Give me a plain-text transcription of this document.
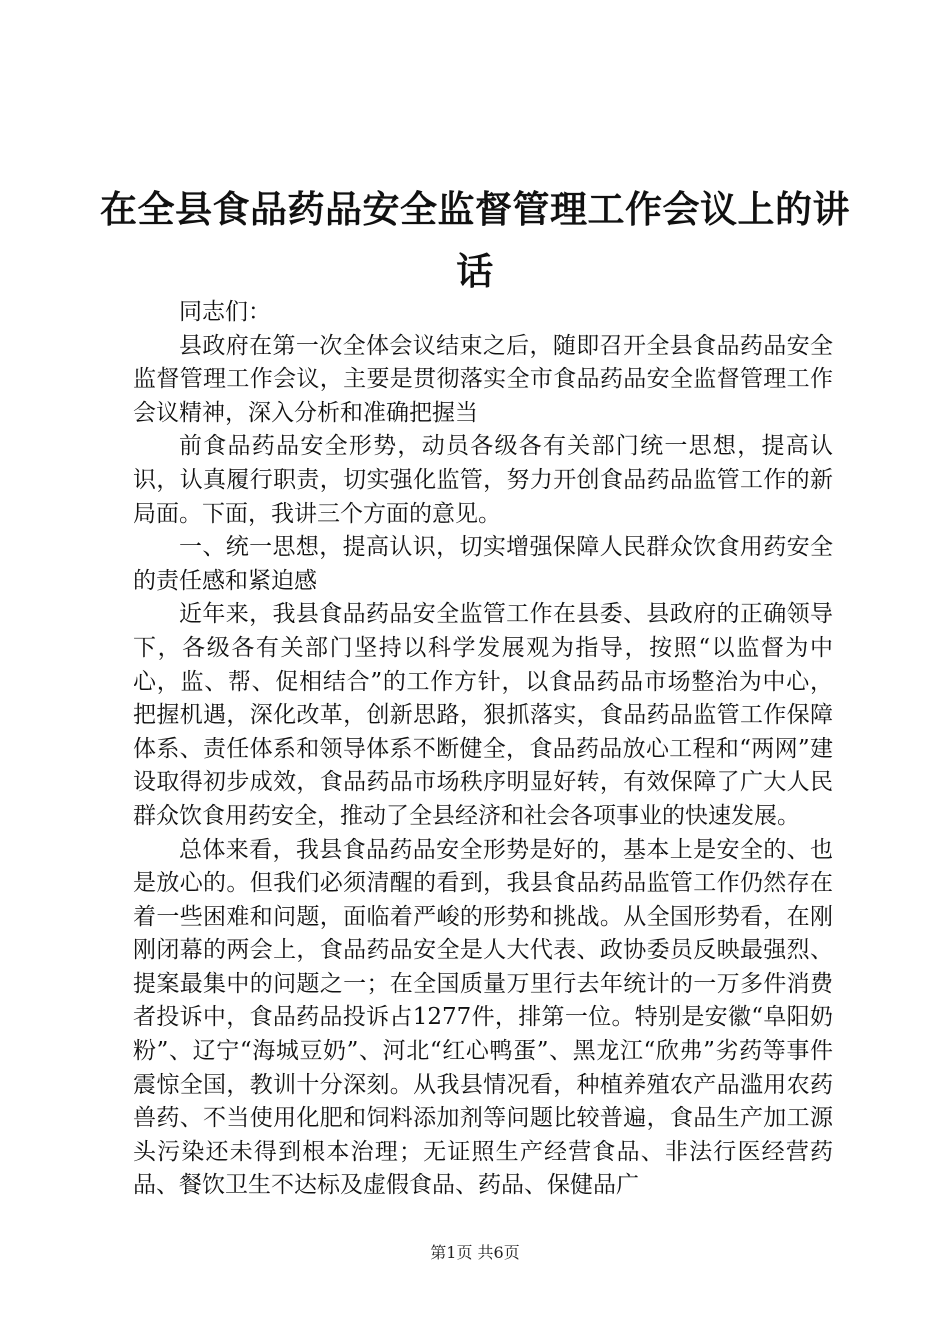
在全县食品药品安全监督管理工作会议上的讲话

同志们：

县政府在第一次全体会议结束之后，随即召开全县食品药品安全监督管理工作会议，主要是贯彻落实全市食品药品安全监督管理工作会议精神，深入分析和准确把握当

前食品药品安全形势，动员各级各有关部门统一思想，提高认识，认真履行职责，切实强化监管，努力开创食品药品监管工作的新局面。下面，我讲三个方面的意见。

一、统一思想，提高认识，切实增强保障人民群众饮食用药安全的责任感和紧迫感

近年来，我县食品药品安全监管工作在县委、县政府的正确领导下，各级各有关部门坚持以科学发展观为指导，按照“以监督为中心，监、帮、促相结合”的工作方针，以食品药品市场整治为中心，把握机遇，深化改革，创新思路，狠抓落实，食品药品监管工作保障体系、责任体系和领导体系不断健全，食品药品放心工程和“两网”建设取得初步成效，食品药品市场秩序明显好转，有效保障了广大人民群众饮食用药安全，推动了全县经济和社会各项事业的快速发展。

总体来看，我县食品药品安全形势是好的，基本上是安全的、也是放心的。但我们必须清醒的看到，我县食品药品监管工作仍然存在着一些困难和问题，面临着严峻的形势和挑战。从全国形势看，在刚刚闭幕的两会上，食品药品安全是人大代表、政协委员反映最强烈、提案最集中的问题之一；在全国质量万里行去年统计的一万多件消费者投诉中，食品药品投诉占1277件，排第一位。特别是安徽“阜阳奶粉”、辽宁“海城豆奶”、河北“红心鸭蛋”、黑龙江“欣弗”劣药等事件震惊全国，教训十分深刻。从我县情况看，种植养殖农产品滥用农药兽药、不当使用化肥和饲料添加剂等问题比较普遍，食品生产加工源头污染还未得到根本治理；无证照生产经营食品、非法行医经营药品、餐饮卫生不达标及虚假食品、药品、保健品广

第1页 共6页
